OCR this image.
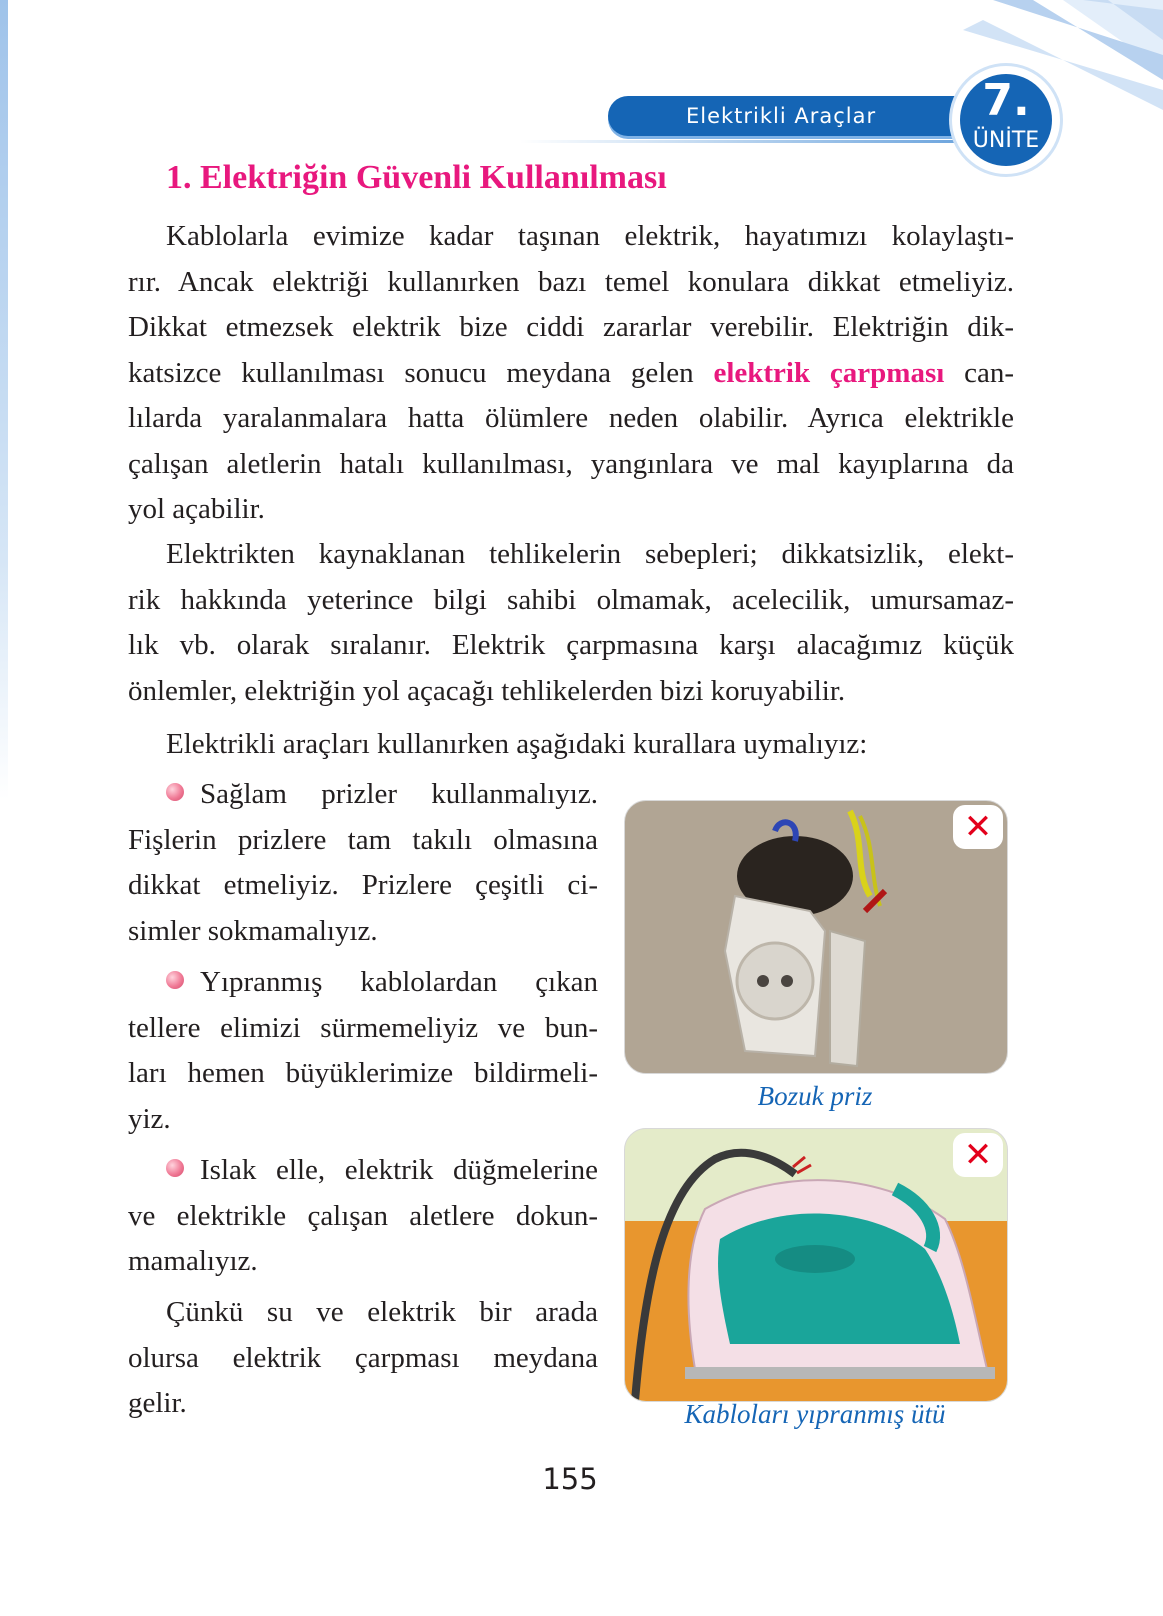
Elektrikli Araçlar	7.
ÜNİTE
1. Elektriğin Güvenli Kullanılması
Kablolarla evimize kadar taşınan elektrik, hayatımızı kolaylaştı-
rır. Ancak elektriği kullanırken bazı temel konulara dikkat etmeliyiz.
Dikkat etmezsek elektrik bize ciddi zararlar verebilir. Elektriğin dik-
katsizce kullanılması sonucu meydana gelen elektrik çarpması can-
lılarda yaralanmalara hatta ölümlere neden olabilir. Ayrıca elektrikle
çalışan aletlerin hatalı kullanılması, yangınlara ve mal kayıplarına da
yol açabilir.
Elektrikten kaynaklanan tehlikelerin sebepleri; dikkatsizlik, elekt-
rik hakkında yeterince bilgi sahibi olmamak, acelecilik, umursamaz-
lık vb. olarak sıralanır. Elektrik çarpmasına karşı alacağımız küçük
önlemler, elektriğin yol açacağı tehlikelerden bizi koruyabilir.
Elektrikli araçları kullanırken aşağıdaki kurallara uymalıyız:
Sağlam prizler kullanmalıyız.
Fişlerin prizlere tam takılı olmasına
dikkat etmeliyiz. Prizlere çeşitli ci-
simler sokmamalıyız.
Yıpranmış kablolardan çıkan
tellere elimizi sürmemeliyiz ve bun-
ları hemen büyüklerimize bildirmeli-
yiz.
Islak elle, elektrik düğmelerine
ve elektrikle çalışan aletlere dokun-
mamalıyız.
Çünkü su ve elektrik bir arada
olursa elektrik çarpması meydana
gelir.
✕
Bozuk priz
✕
Kabloları yıpranmış ütü
155
